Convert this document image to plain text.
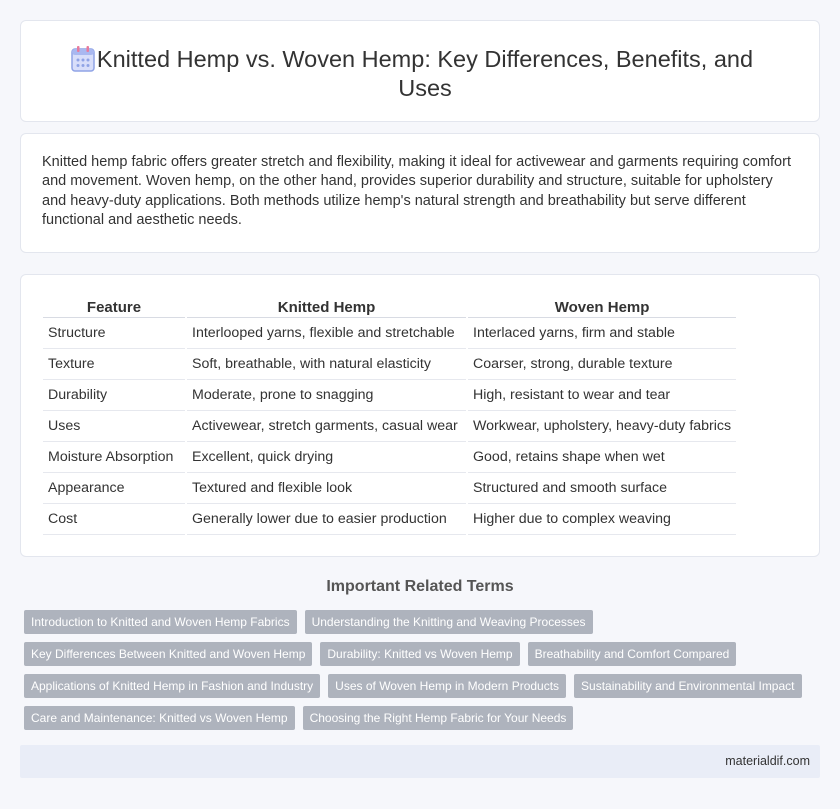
Knitted Hemp vs. Woven Hemp: Key Differences, Benefits, and Uses

Knitted hemp fabric offers greater stretch and flexibility, making it ideal for activewear and garments requiring comfort and movement. Woven hemp, on the other hand, provides superior durability and structure, suitable for upholstery and heavy-duty applications. Both methods utilize hemp's natural strength and breathability but serve different functional and aesthetic needs.

Feature	Knitted Hemp	Woven Hemp
Structure	Interlooped yarns, flexible and stretchable	Interlaced yarns, firm and stable
Texture	Soft, breathable, with natural elasticity	Coarser, strong, durable texture
Durability	Moderate, prone to snagging	High, resistant to wear and tear
Uses	Activewear, stretch garments, casual wear	Workwear, upholstery, heavy-duty fabrics
Moisture Absorption	Excellent, quick drying	Good, retains shape when wet
Appearance	Textured and flexible look	Structured and smooth surface
Cost	Generally lower due to easier production	Higher due to complex weaving
Important Related Terms
Introduction to Knitted and Woven Hemp Fabrics	Understanding the Knitting and Weaving Processes
Key Differences Between Knitted and Woven Hemp	Durability: Knitted vs Woven Hemp	Breathability and Comfort Compared
Applications of Knitted Hemp in Fashion and Industry	Uses of Woven Hemp in Modern Products	Sustainability and Environmental Impact
Care and Maintenance: Knitted vs Woven Hemp	Choosing the Right Hemp Fabric for Your Needs
materialdif.com
